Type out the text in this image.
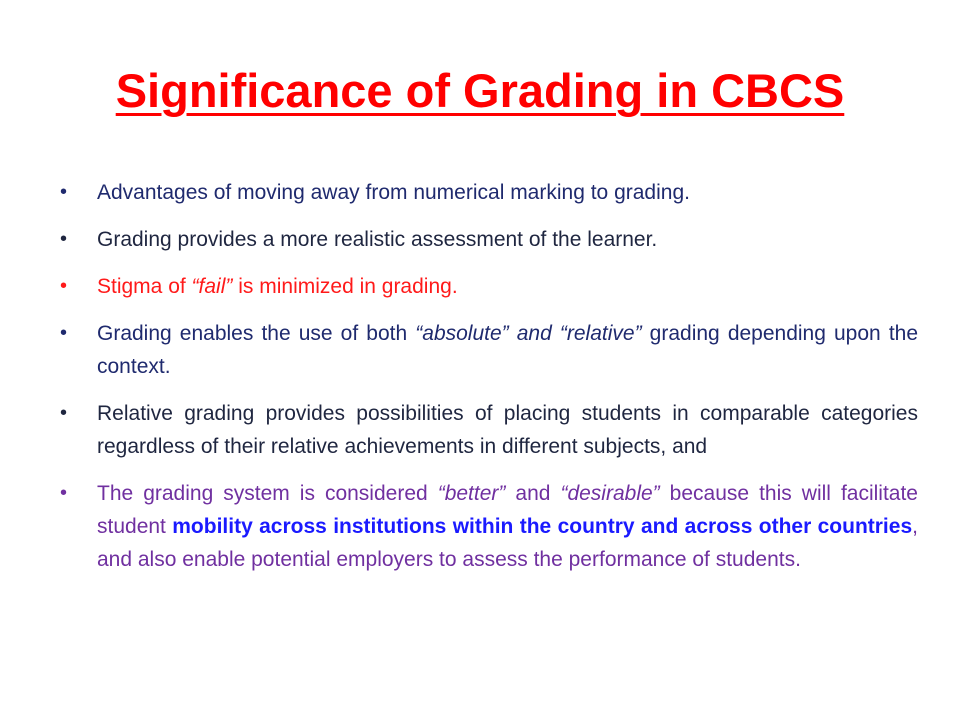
Significance of Grading in CBCS
•	Advantages of moving away from numerical marking to grading.
•	Grading provides a more realistic assessment of the learner.
•	Stigma of “fail” is minimized in grading.
•	Grading enables the use of both “absolute” and “relative” grading depending upon the context.
•	Relative grading provides possibilities of placing students in comparable categories regardless of their relative achievements in different subjects, and
•	The grading system is considered “better” and “desirable” because this will facilitate student mobility across institutions within the country and across other countries, and also enable potential employers to assess the performance of students.
